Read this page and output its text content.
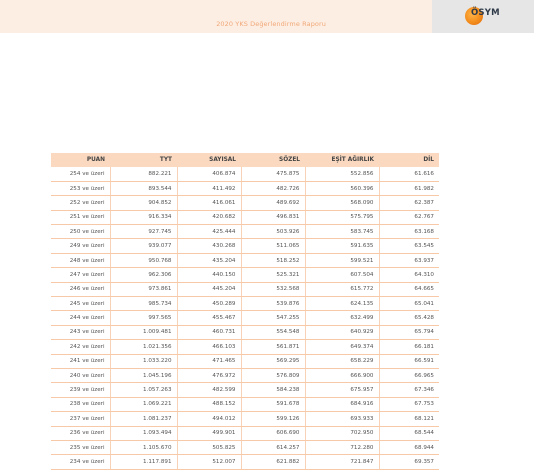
2020 YKS Değerlendirme Raporu
ÖSYM
PUAN	TYT	SAYISAL	SÖZEL	EŞİT AĞIRLIK	DİL
254 ve üzeri	882.221	406.874	475.875	552.856	61.616
253 ve üzeri	893.544	411.492	482.726	560.396	61.982
252 ve üzeri	904.852	416.061	489.692	568.090	62.387
251 ve üzeri	916.334	420.682	496.831	575.795	62.767
250 ve üzeri	927.745	425.444	503.926	583.745	63.168
249 ve üzeri	939.077	430.268	511.065	591.635	63.545
248 ve üzeri	950.768	435.204	518.252	599.521	63.937
247 ve üzeri	962.306	440.150	525.321	607.504	64.310
246 ve üzeri	973.861	445.204	532.568	615.772	64.665
245 ve üzeri	985.734	450.289	539.876	624.135	65.041
244 ve üzeri	997.565	455.467	547.255	632.499	65.428
243 ve üzeri	1.009.481	460.731	554.548	640.929	65.794
242 ve üzeri	1.021.356	466.103	561.871	649.374	66.181
241 ve üzeri	1.033.220	471.465	569.295	658.229	66.591
240 ve üzeri	1.045.196	476.972	576.809	666.900	66.965
239 ve üzeri	1.057.263	482.599	584.238	675.957	67.346
238 ve üzeri	1.069.221	488.152	591.678	684.916	67.753
237 ve üzeri	1.081.237	494.012	599.126	693.933	68.121
236 ve üzeri	1.093.494	499.901	606.690	702.950	68.544
235 ve üzeri	1.105.670	505.825	614.257	712.280	68.944
234 ve üzeri	1.117.891	512.007	621.882	721.847	69.357
